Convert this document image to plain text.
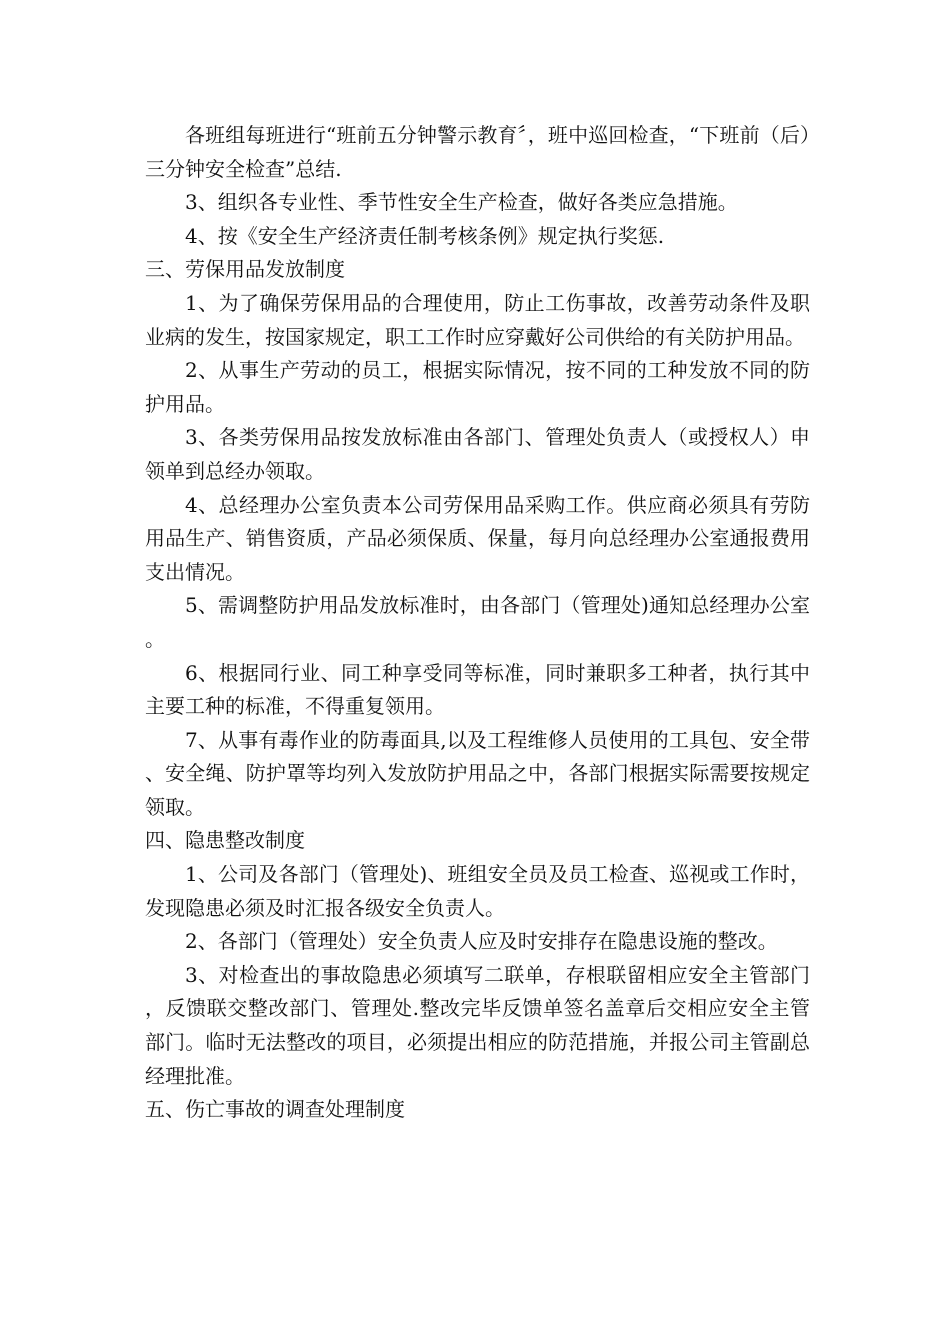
各班组每班进行“班前五分钟警示教育〞，班中巡回检查，“下班前（后）三分钟安全检查”总结.

3、组织各专业性、季节性安全生产检查，做好各类应急措施。

4、按《安全生产经济责任制考核条例》规定执行奖惩.

三、劳保用品发放制度

1、为了确保劳保用品的合理使用，防止工伤事故，改善劳动条件及职业病的发生，按国家规定，职工工作时应穿戴好公司供给的有关防护用品。

2、从事生产劳动的员工，根据实际情况，按不同的工种发放不同的防护用品。

3、各类劳保用品按发放标准由各部门、管理处负责人（或授权人）申领单到总经办领取。

4、总经理办公室负责本公司劳保用品采购工作。供应商必须具有劳防用品生产、销售资质，产品必须保质、保量，每月向总经理办公室通报费用支出情况。

5、需调整防护用品发放标准时，由各部门（管理处)通知总经理办公室。

6、根据同行业、同工种享受同等标准，同时兼职多工种者，执行其中主要工种的标准，不得重复领用。

7、从事有毒作业的防毒面具,以及工程维修人员使用的工具包、安全带、安全绳、防护罩等均列入发放防护用品之中，各部门根据实际需要按规定领取。

四、隐患整改制度

1、公司及各部门（管理处)、班组安全员及员工检查、巡视或工作时，发现隐患必须及时汇报各级安全负责人。

2、各部门（管理处）安全负责人应及时安排存在隐患设施的整改。

3、对检查出的事故隐患必须填写二联单，存根联留相应安全主管部门，反馈联交整改部门、管理处.整改完毕反馈单签名盖章后交相应安全主管部门。临时无法整改的项目，必须提出相应的防范措施，并报公司主管副总经理批准。

五、伤亡事故的调查处理制度
